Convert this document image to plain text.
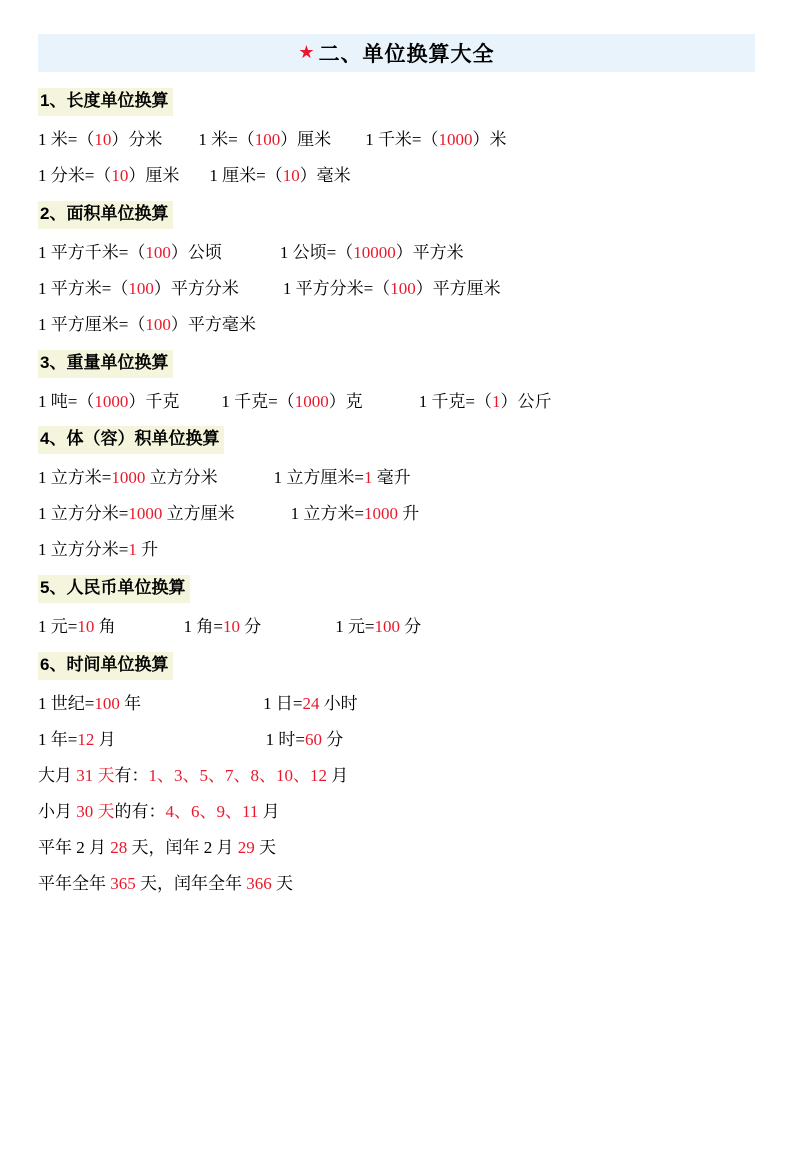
★ 二、单位换算大全
1、长度单位换算
1 米=（10）分米 1 米=（100）厘米 1 千米=（1000）米
1 分米=（10）厘米 1 厘米=（10）毫米
2、面积单位换算
1 平方千米=（100）公顷	1 公顷=（10000）平方米
1 平方米=（100）平方分米	1 平方分米=（100）平方厘米
1 平方厘米=（100）平方毫米
3、重量单位换算
1 吨=（1000）千克 1 千克=（1000）克	1 千克=（1）公斤
4、体（容）积单位换算
1 立方米=1000 立方分米	1 立方厘米=1 毫升
1 立方分米=1000 立方厘米	1 立方米=1000 升
1 立方分米=1 升
5、人民币单位换算
1 元=10 角	1 角=10 分	1 元=100 分
6、时间单位换算
1 世纪=100 年	1 日=24 小时
1 年=12 月	1 时=60 分
大月 31 天有：1、3、5、7、8、10、12 月
小月 30 天的有：4、6、9、11 月
平年 2 月 28 天，闰年 2 月 29 天
平年全年 365 天，闰年全年 366 天
